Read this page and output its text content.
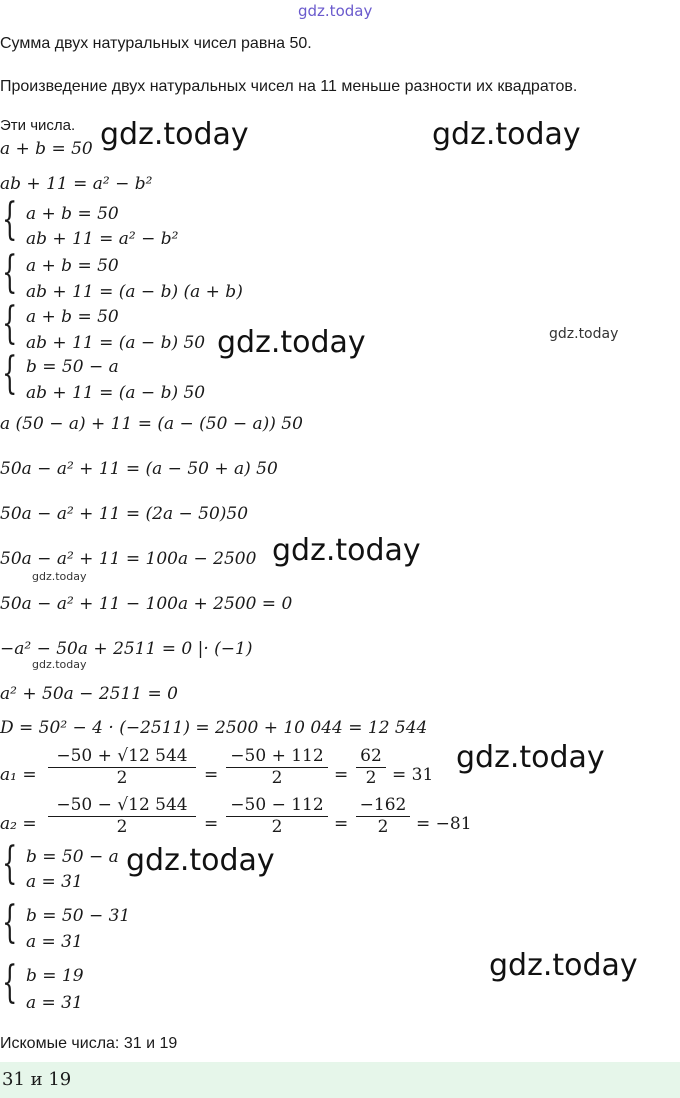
gdz.today
Сумма двух натуральных чисел равна 50.
Произведение двух натуральных чисел на 11 меньше разности их квадратов.
Эти числа.
a + b = 50 gdz.today	gdz.today
ab + 11 = a² − b²
{ a + b = 50
ab + 11 = a² − b²
{ a + b = 50
ab + 11 = (a − b) (a + b)
{ a + b = 50
ab + 11 = (a − b) 50 gdz.today	gdz.today
{ b = 50 − a
ab + 11 = (a − b) 50
a (50 − a) + 11 = (a − (50 − a)) 50
50a − a² + 11 = (a − 50 + a) 50
50a − a² + 11 = (2a − 50)50
50a − a² + 11 = 100a − 2500 gdz.today
gdz.today
50a − a² + 11 − 100a + 2500 = 0
−a² − 50a + 2511 = 0 |· (−1)
gdz.today
a² + 50a − 2511 = 0
D = 50² − 4 · (−2511) = 2500 + 10 044 = 12 544
a₁ =
−50 + √12 544
2	=
−50 + 112
2	=
62
2 = 31 gdz.today
a₂ =
−50 − √12 544
2	=
−50 − 112
2	=
−162
2	= −81
{ b = 50 − a
a = 31
gdz.today
{ b = 50 − 31
a = 31
{ b = 19
a = 31
gdz.today
Искомые числа: 31 и 19
31 и 19
